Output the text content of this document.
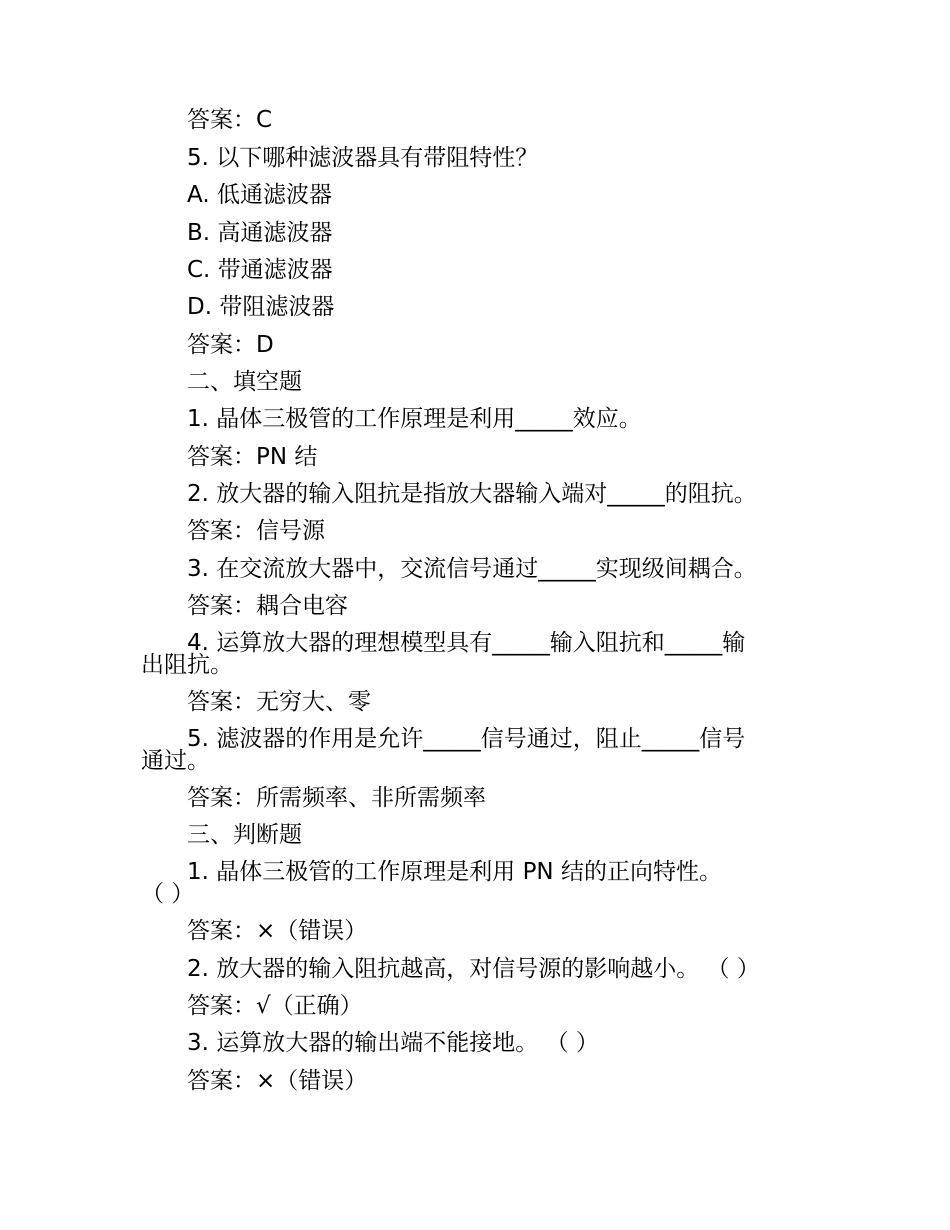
答案：C
5. 以下哪种滤波器具有带阻特性？
A. 低通滤波器
B. 高通滤波器
C. 带通滤波器
D. 带阻滤波器
答案：D
二、填空题
1. 晶体三极管的工作原理是利用_____效应。
答案：PN 结
2. 放大器的输入阻抗是指放大器输入端对_____的阻抗。
答案：信号源
3. 在交流放大器中，交流信号通过_____实现级间耦合。
答案：耦合电容
4. 运算放大器的理想模型具有_____输入阻抗和_____输
出阻抗。
答案：无穷大、零
5. 滤波器的作用是允许_____信号通过，阻止_____信号
通过。
答案：所需频率、非所需频率
三、判断题
1. 晶体三极管的工作原理是利用 PN 结的正向特性。
（ ）
答案：×（错误）
2. 放大器的输入阻抗越高，对信号源的影响越小。 （ ）
答案：√（正确）
3. 运算放大器的输出端不能接地。 （ ）
答案：×（错误）
